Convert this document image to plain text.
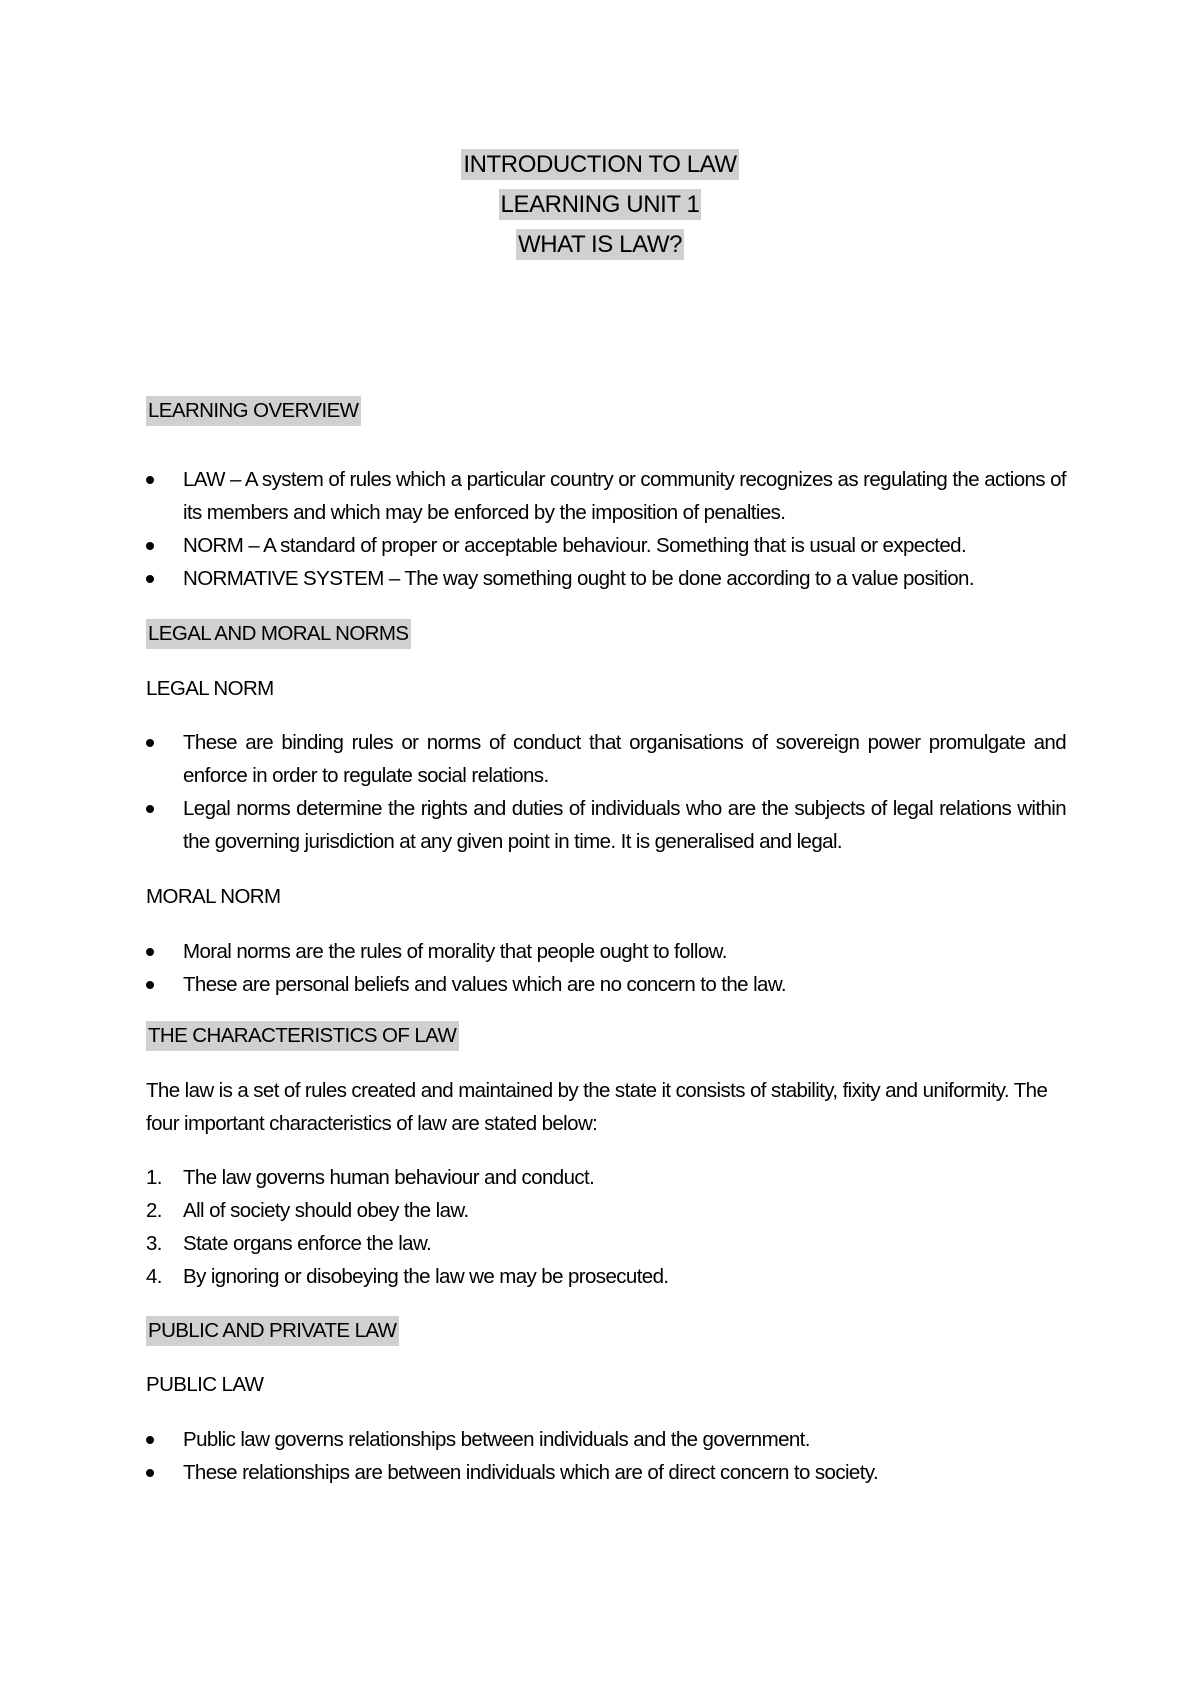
INTRODUCTION TO LAW
LEARNING UNIT 1
WHAT IS LAW?
LEARNING OVERVIEW
LAW – A system of rules which a particular country or community recognizes as regulating the actions of its members and which may be enforced by the imposition of penalties.
NORM – A standard of proper or acceptable behaviour. Something that is usual or expected.
NORMATIVE SYSTEM – The way something ought to be done according to a value position.
LEGAL AND MORAL NORMS
LEGAL NORM
These are binding rules or norms of conduct that organisations of sovereign power promulgate and enforce in order to regulate social relations.
Legal norms determine the rights and duties of individuals who are the subjects of legal relations within the governing jurisdiction at any given point in time. It is generalised and legal.
MORAL NORM
Moral norms are the rules of morality that people ought to follow.
These are personal beliefs and values which are no concern to the law.
THE CHARACTERISTICS OF LAW
The law is a set of rules created and maintained by the state it consists of stability, fixity and uniformity. The four important characteristics of law are stated below:
1. The law governs human behaviour and conduct.
2. All of society should obey the law.
3. State organs enforce the law.
4. By ignoring or disobeying the law we may be prosecuted.
PUBLIC AND PRIVATE LAW
PUBLIC LAW
Public law governs relationships between individuals and the government.
These relationships are between individuals which are of direct concern to society.
